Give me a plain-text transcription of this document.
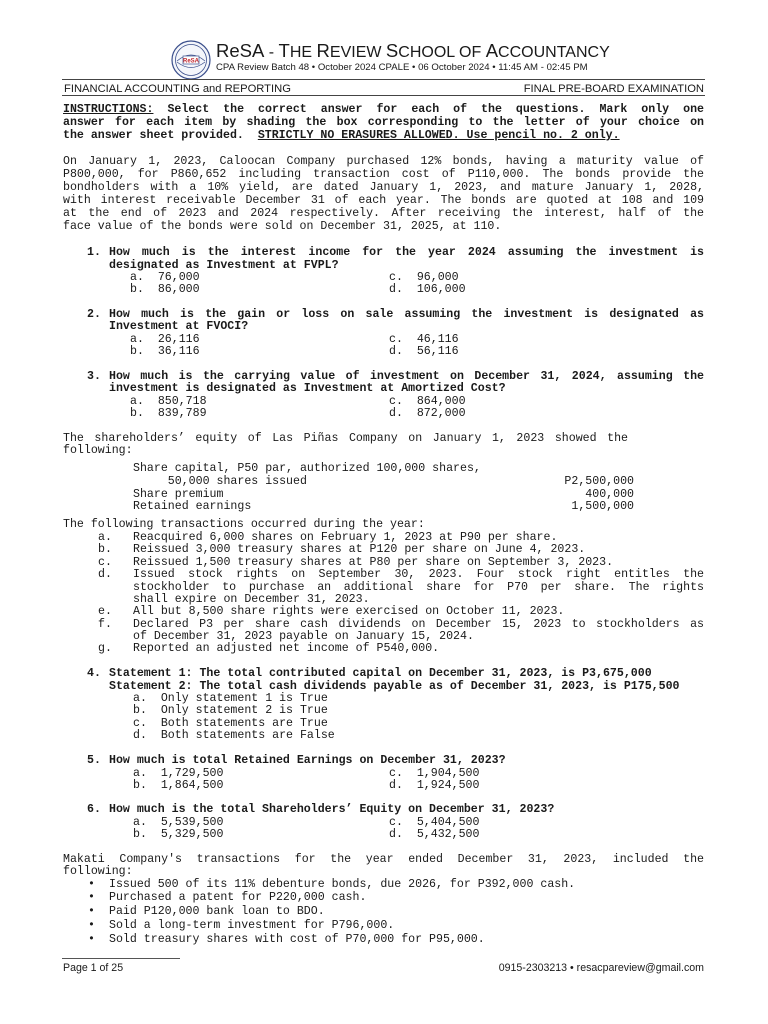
ReSA
ReSA - THE REVIEW SCHOOL OF ACCOUNTANCY
CPA Review Batch 48 • October 2024 CPALE • 06 October 2024 • 11:45 AM - 02:45 PM
FINANCIAL ACCOUNTING and REPORTING	FINAL PRE-BOARD EXAMINATION
INSTRUCTIONS: Select the correct answer for each of the questions. Mark only one
answer for each item by shading the box corresponding to the letter of your choice on
the answer sheet provided.  STRICTLY NO ERASURES ALLOWED. Use pencil no. 2 only.
On January 1, 2023, Caloocan Company purchased 12% bonds, having a maturity value of
P800,000, for P860,652 including transaction cost of P110,000. The bonds provide the
bondholders with a 10% yield, are dated January 1, 2023, and mature January 1, 2028,
with interest receivable December 31 of each year. The bonds are quoted at 108 and 109
at the end of 2023 and 2024 respectively. After receiving the interest, half of the
face value of the bonds were sold on December 31, 2025, at 110.
1. How much is the interest income for the year 2024 assuming the investment is
designated as Investment at FVPL?
a.  76,000	c.  96,000
b.  86,000	d.  106,000
2. How much is the gain or loss on sale assuming the investment is designated as
Investment at FVOCI?
a.  26,116	c.  46,116
b.  36,116	d.  56,116
3. How much is the carrying value of investment on December 31, 2024, assuming the
investment is designated as Investment at Amortized Cost?
a.  850,718	c.  864,000
b.  839,789	d.  872,000
The shareholders’ equity of Las Piñas Company on January 1, 2023 showed the
following:
Share capital, P50 par, authorized 100,000 shares,
50,000 shares issued	P2,500,000
Share premium	400,000
Retained earnings	1,500,000
The following transactions occurred during the year:
a. Reacquired 6,000 shares on February 1, 2023 at P90 per share.
b. Reissued 3,000 treasury shares at P120 per share on June 4, 2023.
c. Reissued 1,500 treasury shares at P80 per share on September 3, 2023.
d. Issued stock rights on September 30, 2023. Four stock right entitles the
stockholder to purchase an additional share for P70 per share. The rights
shall expire on December 31, 2023.
e. All but 8,500 share rights were exercised on October 11, 2023.
f. Declared P3 per share cash dividends on December 15, 2023 to stockholders as
of December 31, 2023 payable on January 15, 2024.
g. Reported an adjusted net income of P540,000.
4. Statement 1: The total contributed capital on December 31, 2023, is P3,675,000
Statement 2: The total cash dividends payable as of December 31, 2023, is P175,500
a.  Only statement 1 is True
b.  Only statement 2 is True
c.  Both statements are True
d.  Both statements are False
5. How much is total Retained Earnings on December 31, 2023?
a.  1,729,500	c.  1,904,500
b.  1,864,500	d.  1,924,500
6. How much is the total Shareholders’ Equity on December 31, 2023?
a.  5,539,500	c.  5,404,500
b.  5,329,500	d.  5,432,500
Makati Company's transactions for the year ended December 31, 2023, included the
following:
• Issued 500 of its 11% debenture bonds, due 2026, for P392,000 cash.
• Purchased a patent for P220,000 cash.
• Paid P120,000 bank loan to BDO.
• Sold a long-term investment for P796,000.
• Sold treasury shares with cost of P70,000 for P95,000.
Page 1 of 25	0915-2303213 • resacpareview@gmail.com
